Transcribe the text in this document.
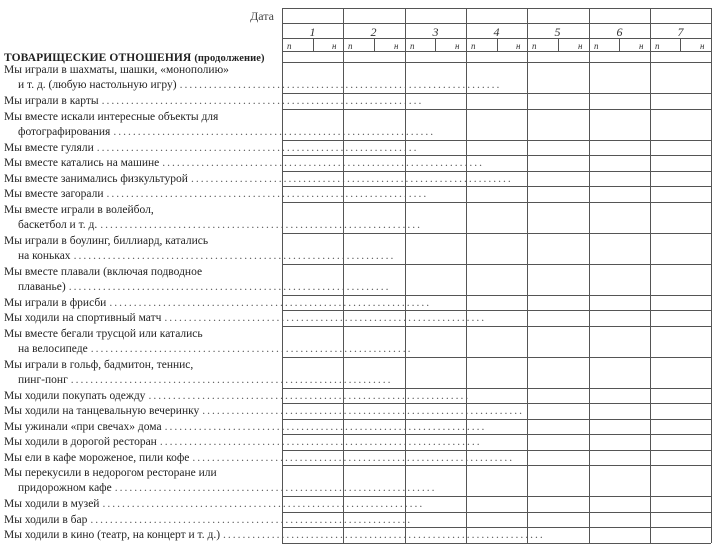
Дата
ТОВАРИЩЕСКИЕ ОТНОШЕНИЯ (продолжение)
1
п	н
2
п	н
3
п	н
4
п	н
5
п	н
6
п	н
7
п	н
Мы играли в шахматы, шашки, «монополию»
и т. д. (любую настольную игру) ..................................................................
Мы играли в карты ..................................................................
Мы вместе искали интересные объекты для
фотографирования ..................................................................
Мы вместе гуляли ..................................................................
Мы вместе катались на машине ..................................................................
Мы вместе занимались физкультурой ..................................................................
Мы вместе загорали ..................................................................
Мы вместе играли в волейбол,
баскетбол и т. д. ..................................................................
Мы играли в боулинг, биллиард, катались
на коньках ..................................................................
Мы вместе плавали (включая подводное
плаванье) ..................................................................
Мы играли в фрисби ..................................................................
Мы ходили на спортивный матч ..................................................................
Мы вместе бегали трусцой или катались
на велосипеде ..................................................................
Мы играли в гольф, бадмитон, теннис,
пинг-понг ..................................................................
Мы ходили покупать одежду ..................................................................
Мы ходили на танцевальную вечеринку ..................................................................
Мы ужинали «при свечах» дома ..................................................................
Мы ходили в дорогой ресторан ..................................................................
Мы ели в кафе мороженое, пили кофе ..................................................................
Мы перекусили в недорогом ресторане или
придорожном кафе ..................................................................
Мы ходили в музей ..................................................................
Мы ходили в бар ..................................................................
Мы ходили в кино (театр, на концерт и т. д.) ..................................................................
